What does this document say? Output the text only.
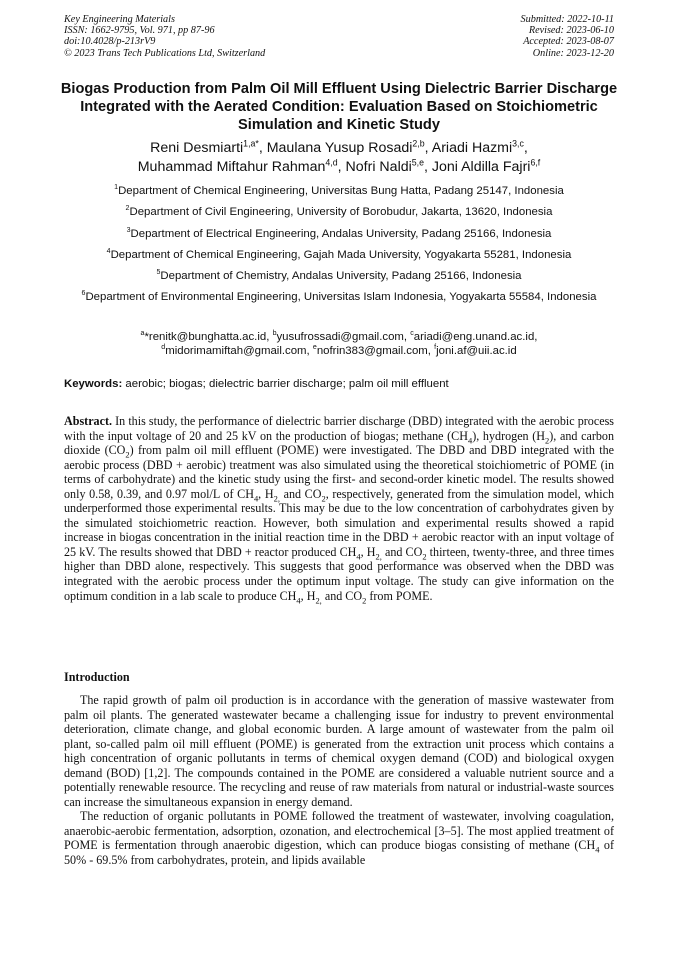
Key Engineering Materials
ISSN: 1662-9795, Vol. 971, pp 87-96
doi:10.4028/p-213rV9
© 2023 Trans Tech Publications Ltd, Switzerland
Submitted: 2022-10-11
Revised: 2023-06-10
Accepted: 2023-08-07
Online: 2023-12-20
Biogas Production from Palm Oil Mill Effluent Using Dielectric Barrier Discharge Integrated with the Aerated Condition: Evaluation Based on Stoichiometric Simulation and Kinetic Study
Reni Desmiarti$^{1,a*}$, Maulana Yusup Rosadi$^{2,b}$, Ariadi Hazmi$^{3,c}$,
Muhammad Miftahur Rahman$^{4,d}$, Nofri Naldi$^{5,e}$, Joni Aldilla Fajri$^{6,f}$
$^1$Department of Chemical Engineering, Universitas Bung Hatta, Padang 25147, Indonesia
$^2$Department of Civil Engineering, University of Borobudur, Jakarta, 13620, Indonesia
$^3$Department of Electrical Engineering, Andalas University, Padang 25166, Indonesia
$^4$Department of Chemical Engineering, Gajah Mada University, Yogyakarta 55281, Indonesia
$^5$Department of Chemistry, Andalas University, Padang 25166, Indonesia
$^6$Department of Environmental Engineering, Universitas Islam Indonesia, Yogyakarta 55584, Indonesia
$^a$*renitk@bunghatta.ac.id, $^b$yusufrossadi@gmail.com, $^c$ariadi@eng.unand.ac.id,
$^d$midorimamiftah@gmail.com, $^e$nofrin383@gmail.com, $^f$joni.af@uii.ac.id
Keywords: aerobic; biogas; dielectric barrier discharge; palm oil mill effluent
Abstract. In this study, the performance of dielectric barrier discharge (DBD) integrated with the aerobic process with the input voltage of 20 and 25 kV on the production of biogas; methane $(CH_4)$, hydrogen $(H_2)$, and carbon dioxide $(CO_2)$ from palm oil mill effluent (POME) were investigated. The DBD and DBD integrated with the aerobic process (DBD + aerobic) treatment was also simulated using the theoretical stoichiometric of POME (in terms of carbohydrate) and the kinetic study using the first- and second-order kinetic model. The results showed only 0.58, 0.39, and 0.97 mol/L of $CH_4$, $H_{2,}$ and $CO_2$, respectively, generated from the simulation model, which underperformed those experimental results. This may be due to the low concentration of carbohydrates given by the simulated stoichiometric reaction. However, both simulation and experimental results showed a rapid increase in biogas concentration in the initial reaction time in the DBD + aerobic reactor with an input voltage of 25 kV. The results showed that DBD + reactor produced $CH_4$, $H_{2,}$ and $CO_2$ thirteen, twenty-three, and three times higher than DBD alone, respectively. This suggests that good performance was observed when the DBD was integrated with the aerobic process under the optimum input voltage. The study can give information on the optimum condition in a lab scale to produce $CH_4$, $H_{2,}$ and $CO_2$ from POME.
Introduction

The rapid growth of palm oil production is in accordance with the generation of massive wastewater from palm oil plants. The generated wastewater became a challenging issue for industry to prevent environmental deterioration, climate change, and global economic burden. A large amount of wastewater from the palm oil plant, so-called palm oil mill effluent (POME) is generated from the extraction unit process which contains a high concentration of organic pollutants in terms of chemical oxygen demand (COD) and biological oxygen demand (BOD) [1,2]. The compounds contained in the POME are considered a valuable nutrient source and a potentially renewable resource. The recycling and reuse of raw materials from natural or industrial-waste sources can increase the simultaneous expansion in energy demand.

The reduction of organic pollutants in POME followed the treatment of wastewater, involving coagulation, anaerobic-aerobic fermentation, adsorption, ozonation, and electrochemical [3–5]. The most applied treatment of POME is fermentation through anaerobic digestion, which can produce biogas consisting of methane ($CH_4$ of 50% - 69.5% from carbohydrates, protein, and lipids available
